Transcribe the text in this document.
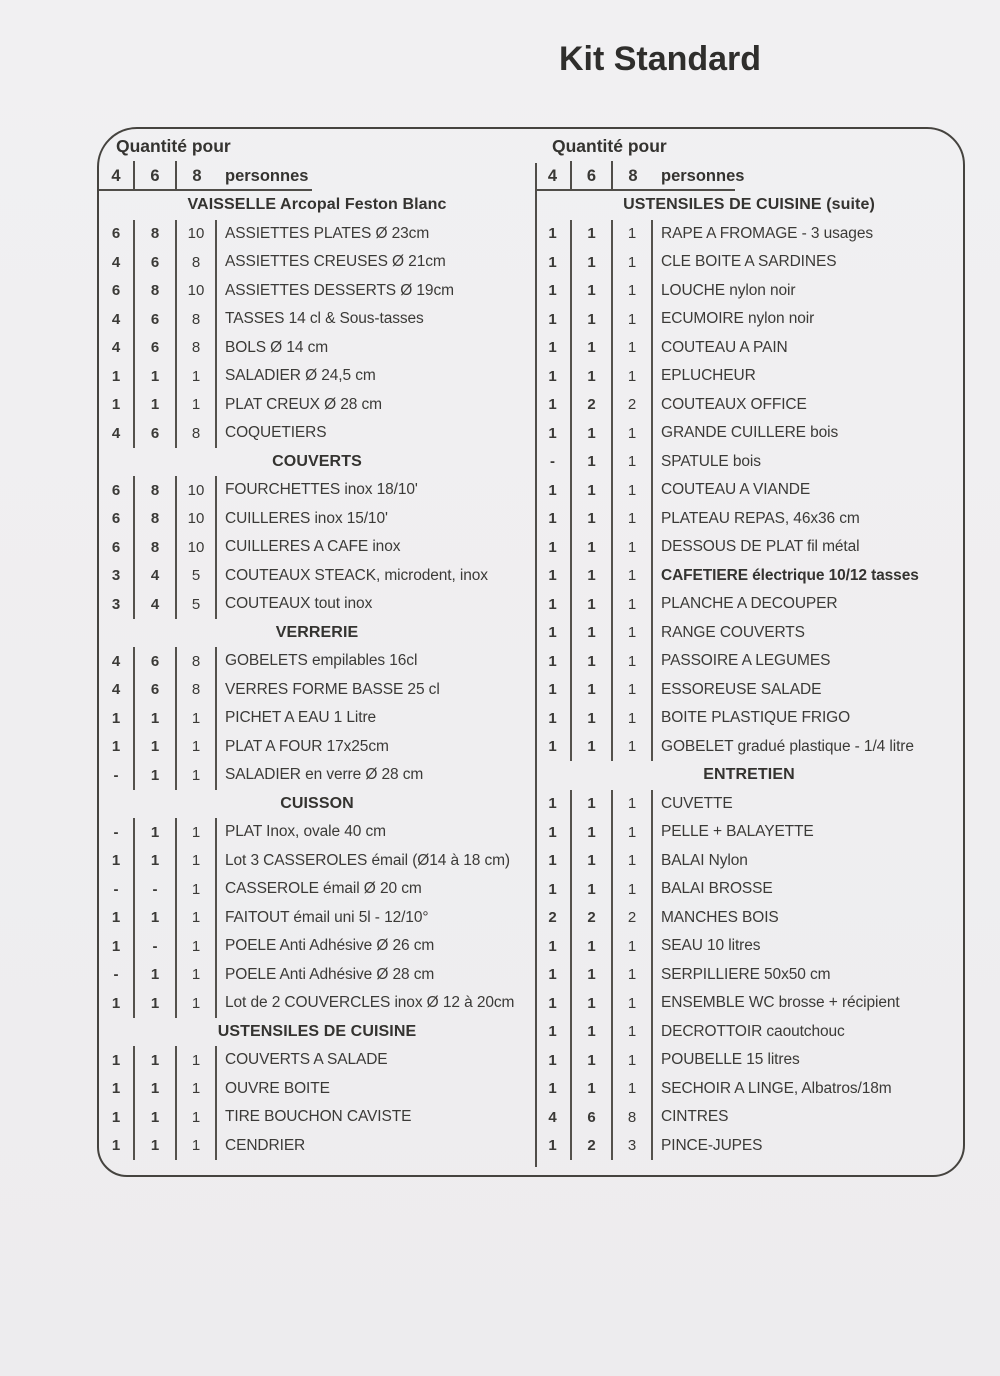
Kit Standard
Quantité pour
4	6	8	personnes
VAISSELLE Arcopal Feston Blanc
6	8	10	ASSIETTES PLATES Ø 23cm
4	6	8	ASSIETTES CREUSES Ø 21cm
6	8	10	ASSIETTES DESSERTS Ø 19cm
4	6	8	TASSES 14 cl & Sous-tasses
4	6	8	BOLS Ø 14 cm
1	1	1	SALADIER Ø 24,5 cm
1	1	1	PLAT CREUX Ø 28 cm
4	6	8	COQUETIERS
COUVERTS
6	8	10	FOURCHETTES inox 18/10'
6	8	10	CUILLERES inox 15/10'
6	8	10	CUILLERES A CAFE inox
3	4	5	COUTEAUX STEACK, microdent, inox
3	4	5	COUTEAUX tout inox
VERRERIE
4	6	8	GOBELETS empilables 16cl
4	6	8	VERRES FORME BASSE 25 cl
1	1	1	PICHET A EAU 1 Litre
1	1	1	PLAT A FOUR 17x25cm
-	1	1	SALADIER en verre Ø 28 cm
CUISSON
-	1	1	PLAT Inox, ovale 40 cm
1	1	1	Lot 3 CASSEROLES émail (Ø14 à 18 cm)
-	-	1	CASSEROLE émail Ø 20 cm
1	1	1	FAITOUT émail uni 5l - 12/10°
1	-	1	POELE Anti Adhésive Ø 26 cm
-	1	1	POELE Anti Adhésive Ø 28 cm
1	1	1	Lot de 2 COUVERCLES inox Ø 12 à 20cm
USTENSILES DE CUISINE
1	1	1	COUVERTS A SALADE
1	1	1	OUVRE BOITE
1	1	1	TIRE BOUCHON CAVISTE
1	1	1	CENDRIER
Quantité pour
4	6	8	personnes
USTENSILES DE CUISINE (suite)
1	1	1	RAPE A FROMAGE - 3 usages
1	1	1	CLE BOITE A SARDINES
1	1	1	LOUCHE nylon noir
1	1	1	ECUMOIRE nylon noir
1	1	1	COUTEAU A PAIN
1	1	1	EPLUCHEUR
1	2	2	COUTEAUX OFFICE
1	1	1	GRANDE CUILLERE bois
-	1	1	SPATULE bois
1	1	1	COUTEAU A VIANDE
1	1	1	PLATEAU REPAS, 46x36 cm
1	1	1	DESSOUS DE PLAT fil métal
1	1	1	CAFETIERE électrique 10/12 tasses
1	1	1	PLANCHE A DECOUPER
1	1	1	RANGE COUVERTS
1	1	1	PASSOIRE A LEGUMES
1	1	1	ESSOREUSE SALADE
1	1	1	BOITE PLASTIQUE FRIGO
1	1	1	GOBELET gradué plastique - 1/4 litre
ENTRETIEN
1	1	1	CUVETTE
1	1	1	PELLE + BALAYETTE
1	1	1	BALAI Nylon
1	1	1	BALAI BROSSE
2	2	2	MANCHES BOIS
1	1	1	SEAU 10 litres
1	1	1	SERPILLIERE 50x50 cm
1	1	1	ENSEMBLE WC brosse + récipient
1	1	1	DECROTTOIR caoutchouc
1	1	1	POUBELLE 15 litres
1	1	1	SECHOIR A LINGE, Albatros/18m
4	6	8	CINTRES
1	2	3	PINCE-JUPES
